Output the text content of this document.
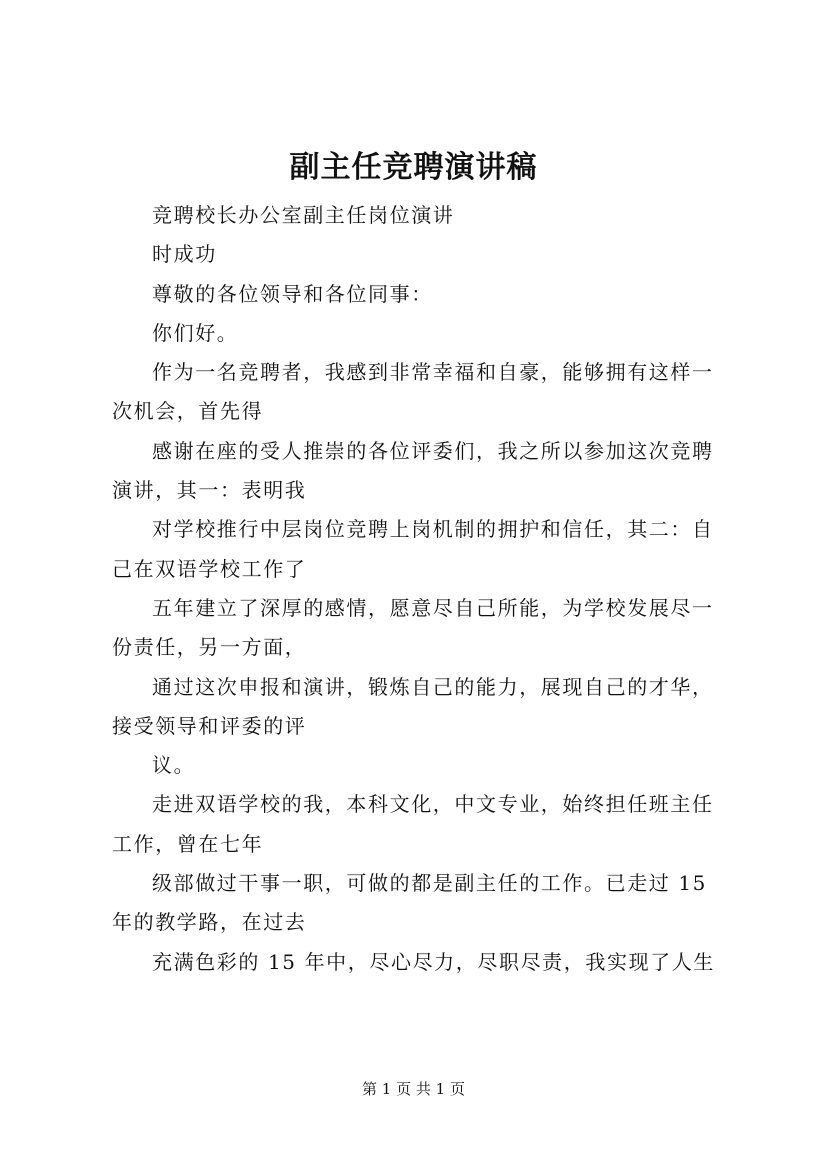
副主任竞聘演讲稿
竞聘校长办公室副主任岗位演讲
时成功
尊敬的各位领导和各位同事：
你们好。
作为一名竞聘者，我感到非常幸福和自豪，能够拥有这样一
次机会，首先得
感谢在座的受人推崇的各位评委们，我之所以参加这次竞聘
演讲，其一：表明我
对学校推行中层岗位竞聘上岗机制的拥护和信任，其二：自
己在双语学校工作了
五年建立了深厚的感情，愿意尽自己所能，为学校发展尽一
份责任，另一方面，
通过这次申报和演讲，锻炼自己的能力，展现自己的才华，
接受领导和评委的评
议。
走进双语学校的我，本科文化，中文专业，始终担任班主任
工作，曾在七年
级部做过干事一职，可做的都是副主任的工作。已走过 15
年的教学路，在过去
充满色彩的 15 年中，尽心尽力，尽职尽责，我实现了人生
第 1 页 共 1 页
